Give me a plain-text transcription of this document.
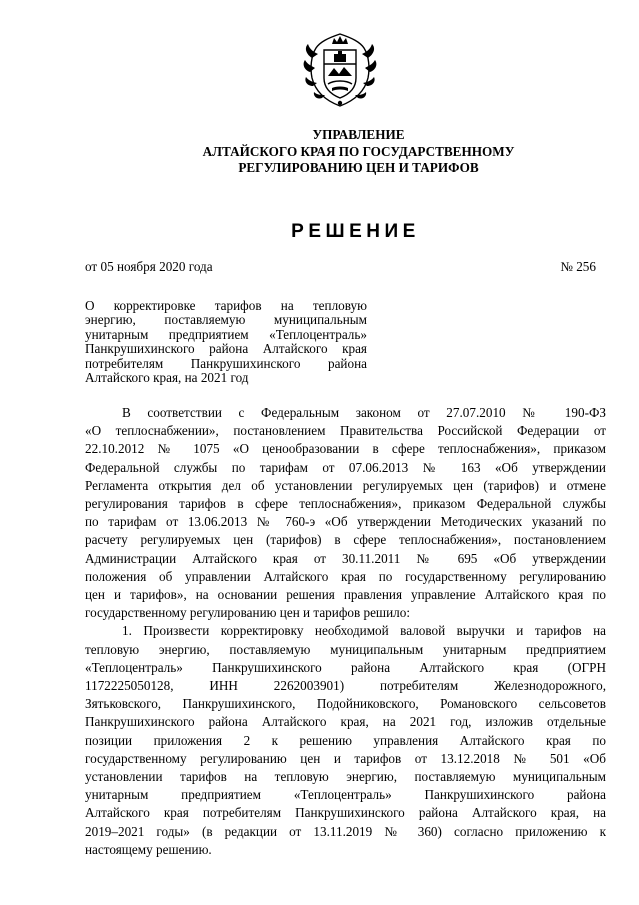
УПРАВЛЕНИЕ
АЛТАЙСКОГО КРАЯ ПО ГОСУДАРСТВЕННОМУ
РЕГУЛИРОВАНИЮ ЦЕН И ТАРИФОВ
РЕШЕНИЕ
от 05 ноября 2020 года	№ 256
О корректировке тарифов на тепловую
энергию, поставляемую муниципальным
унитарным предприятием «Теплоцентраль»
Панкрушихинского района Алтайского края
потребителям Панкрушихинского района
Алтайского края, на 2021 год
В соответствии с Федеральным законом от 27.07.2010 № 190-ФЗ
«О теплоснабжении», постановлением Правительства Российской Федерации от
22.10.2012 № 1075 «О ценообразовании в сфере теплоснабжения», приказом
Федеральной службы по тарифам от 07.06.2013 № 163 «Об утверждении
Регламента открытия дел об установлении регулируемых цен (тарифов) и отмене
регулирования тарифов в сфере теплоснабжения», приказом Федеральной службы
по тарифам от 13.06.2013 № 760-э «Об утверждении Методических указаний по
расчету регулируемых цен (тарифов) в сфере теплоснабжения», постановлением
Администрации Алтайского края от 30.11.2011 № 695 «Об утверждении
положения об управлении Алтайского края по государственному регулированию
цен и тарифов», на основании решения правления управление Алтайского края по
государственному регулированию цен и тарифов решило:
1. Произвести корректировку необходимой валовой выручки и тарифов на
тепловую энергию, поставляемую муниципальным унитарным предприятием
«Теплоцентраль» Панкрушихинского района Алтайского края (ОГРН
1172225050128, ИНН 2262003901) потребителям Железнодорожного,
Зятьковского, Панкрушихинского, Подойниковского, Романовского сельсоветов
Панкрушихинского района Алтайского края, на 2021 год, изложив отдельные
позиции приложения 2 к решению управления Алтайского края по
государственному регулированию цен и тарифов от 13.12.2018 № 501 «Об
установлении тарифов на тепловую энергию, поставляемую муниципальным
унитарным предприятием «Теплоцентраль» Панкрушихинского района
Алтайского края потребителям Панкрушихинского района Алтайского края, на
2019–2021 годы» (в редакции от 13.11.2019 № 360) согласно приложению к
настоящему решению.
